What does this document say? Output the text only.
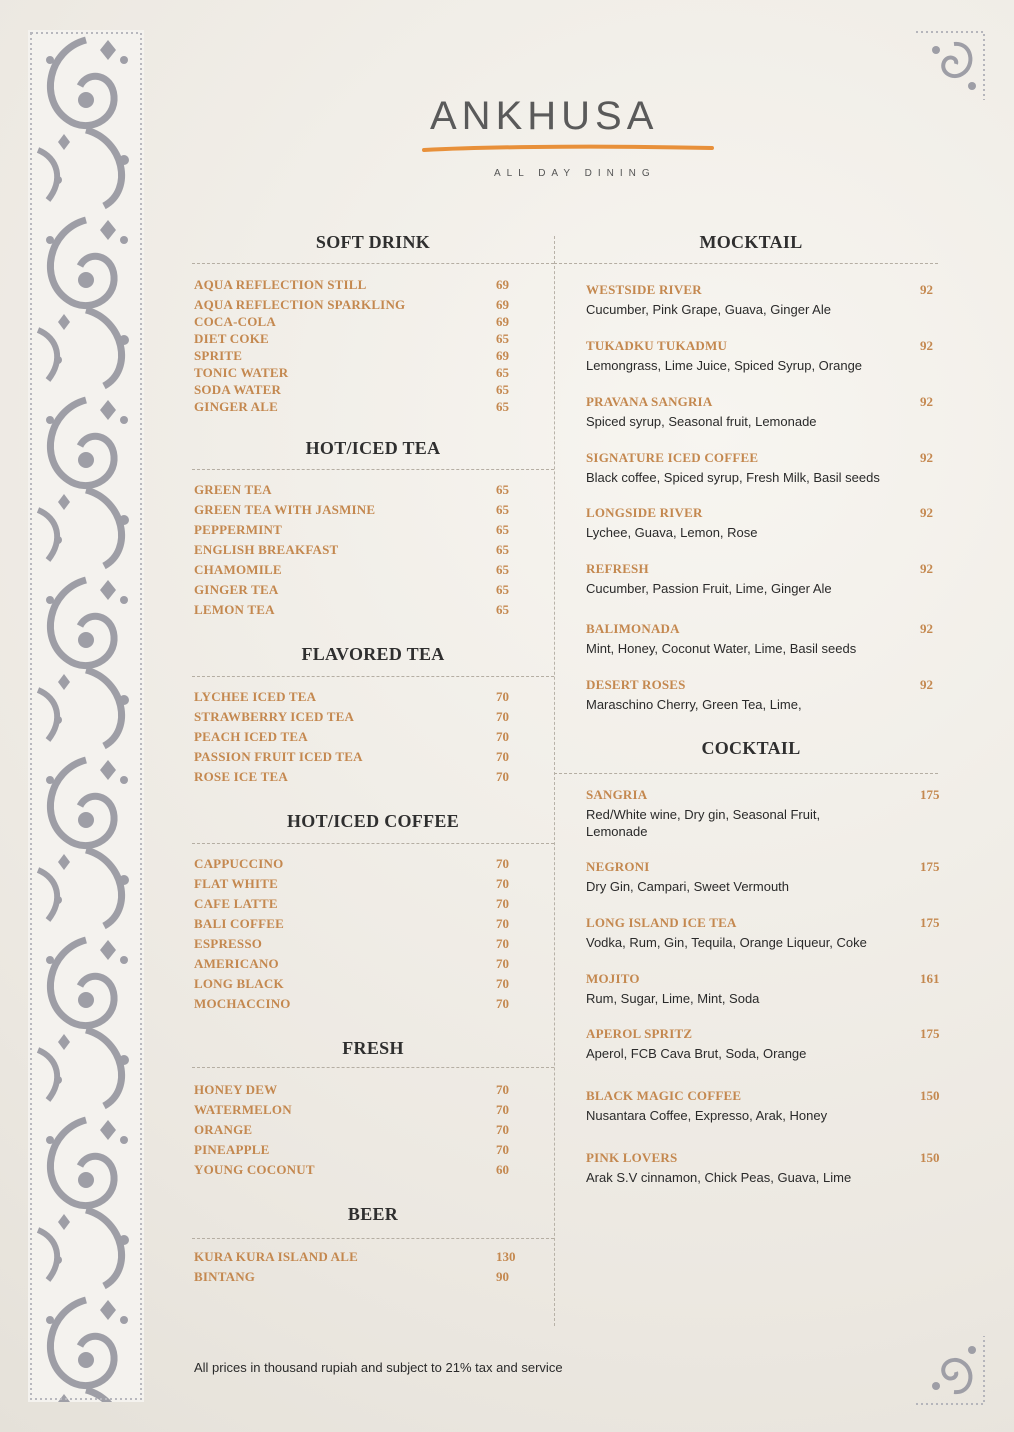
ANKHUSA
ALL DAY DINING
SOFT DRINK
AQUA REFLECTION STILL	69
AQUA REFLECTION SPARKLING	69
COCA-COLA	69
DIET COKE	65
SPRITE	69
TONIC WATER	65
SODA WATER	65
GINGER ALE	65
HOT/ICED TEA
GREEN TEA	65
GREEN TEA WITH JASMINE	65
PEPPERMINT	65
ENGLISH BREAKFAST	65
CHAMOMILE	65
GINGER TEA	65
LEMON TEA	65
FLAVORED TEA
LYCHEE ICED TEA	70
STRAWBERRY ICED TEA	70
PEACH ICED TEA	70
PASSION FRUIT ICED TEA	70
ROSE ICE TEA	70
HOT/ICED COFFEE
CAPPUCCINO	70
FLAT WHITE	70
CAFE LATTE	70
BALI COFFEE	70
ESPRESSO	70
AMERICANO	70
LONG BLACK	70
MOCHACCINO	70
FRESH
HONEY DEW	70
WATERMELON	70
ORANGE	70
PINEAPPLE	70
YOUNG COCONUT	60
BEER
KURA KURA ISLAND ALE	130
BINTANG	90
MOCKTAIL
WESTSIDE RIVER	92
Cucumber, Pink Grape, Guava, Ginger Ale
TUKADKU TUKADMU	92
Lemongrass, Lime Juice, Spiced Syrup, Orange
PRAVANA SANGRIA	92
Spiced syrup, Seasonal fruit, Lemonade
SIGNATURE ICED COFFEE	92
Black coffee, Spiced syrup, Fresh Milk, Basil seeds
LONGSIDE RIVER	92
Lychee, Guava, Lemon, Rose
REFRESH	92
Cucumber, Passion Fruit, Lime, Ginger Ale
BALIMONADA	92
Mint, Honey, Coconut Water, Lime, Basil seeds
DESERT ROSES	92
Maraschino Cherry, Green Tea, Lime,
COCKTAIL
SANGRIA	175
Red/White wine, Dry gin, Seasonal Fruit,
Lemonade
NEGRONI	175
Dry Gin, Campari, Sweet Vermouth
LONG ISLAND ICE TEA	175
Vodka, Rum, Gin, Tequila, Orange Liqueur, Coke
MOJITO	161
Rum, Sugar, Lime, Mint, Soda
APEROL SPRITZ	175
Aperol, FCB Cava Brut, Soda, Orange
BLACK MAGIC COFFEE	150
Nusantara Coffee, Expresso, Arak, Honey
PINK LOVERS	150
Arak S.V cinnamon, Chick Peas, Guava, Lime
All prices in thousand rupiah and subject to 21% tax and service
